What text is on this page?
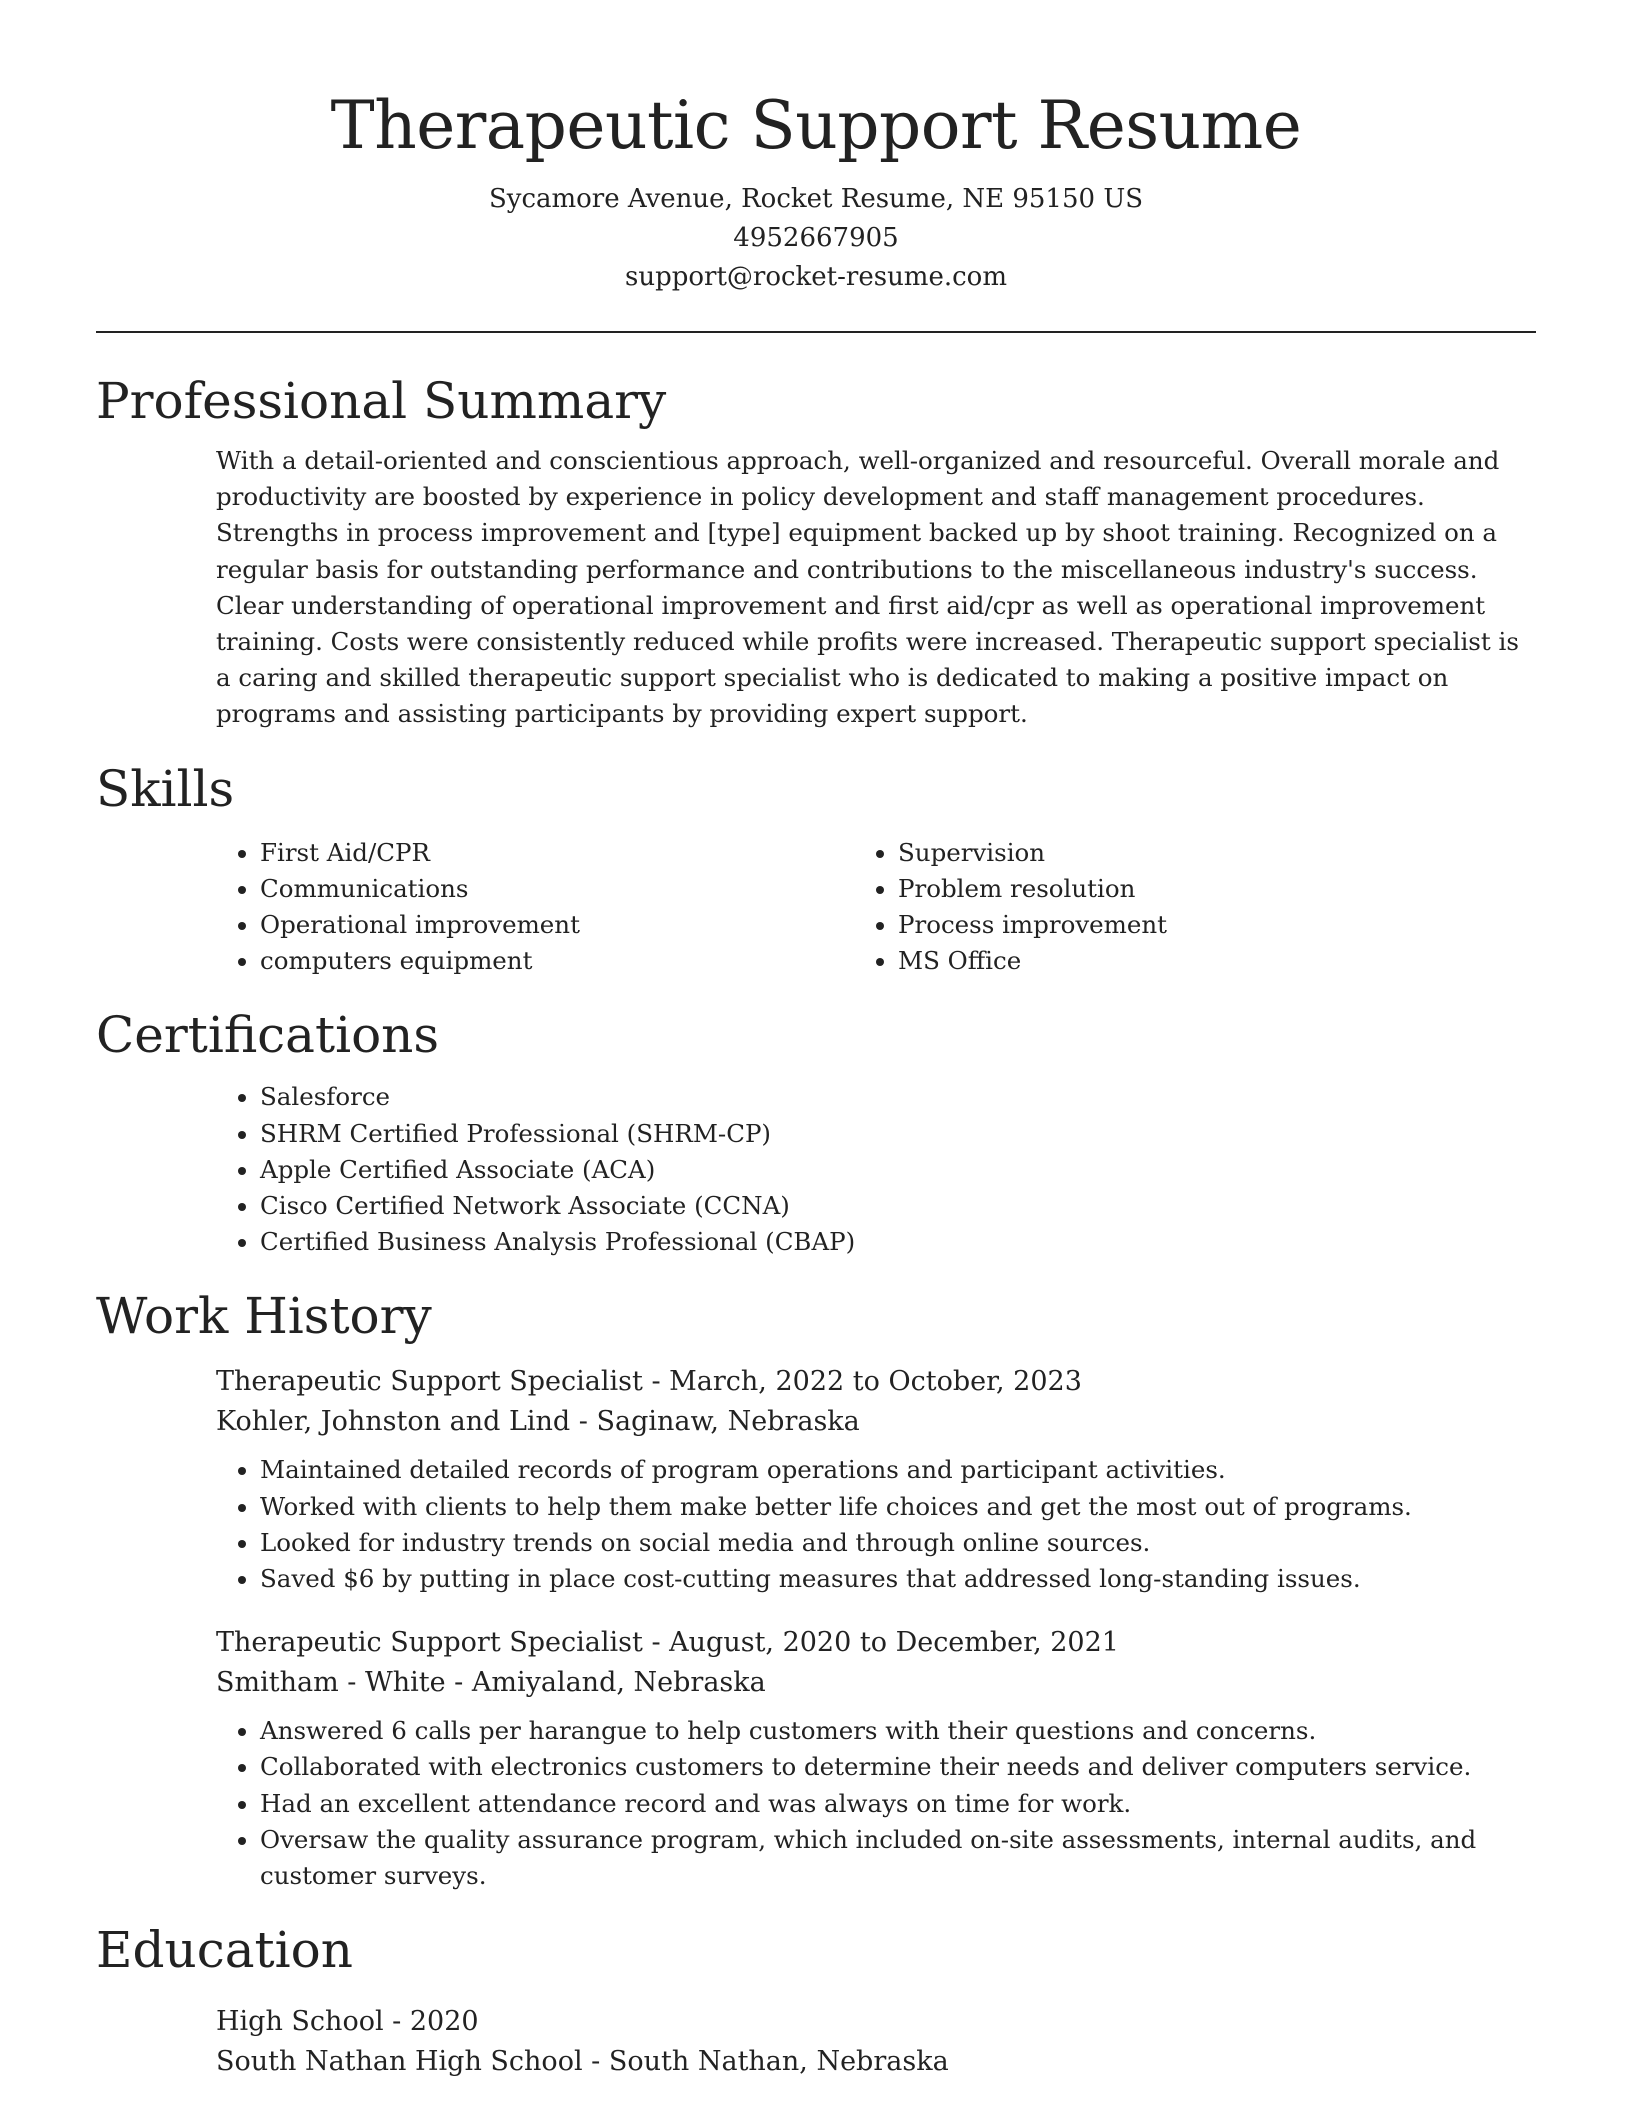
Therapeutic Support Resume

Sycamore Avenue, Rocket Resume, NE 95150 US

4952667905

support@rocket-resume.com

Professional Summary

With a detail-oriented and conscientious approach, well-organized and resourceful. Overall morale and productivity are boosted by experience in policy development and staff management procedures. Strengths in process improvement and [type] equipment backed up by shoot training. Recognized on a regular basis for outstanding performance and contributions to the miscellaneous industry's success. Clear understanding of operational improvement and first aid/cpr as well as operational improvement training. Costs were consistently reduced while profits were increased. Therapeutic support specialist is a caring and skilled therapeutic support specialist who is dedicated to making a positive impact on programs and assisting participants by providing expert support.

Skills
• First Aid/CPR
• Communications
• Operational improvement
• computers equipment
• Supervision
• Problem resolution
• Process improvement
• MS Office
Certifications
• Salesforce
• SHRM Certified Professional (SHRM-CP)
• Apple Certified Associate (ACA)
• Cisco Certified Network Associate (CCNA)
• Certified Business Analysis Professional (CBAP)
Work History

Therapeutic Support Specialist - March, 2022 to October, 2023

Kohler, Johnston and Lind - Saginaw, Nebraska

• Maintained detailed records of program operations and participant activities.
• Worked with clients to help them make better life choices and get the most out of programs.
• Looked for industry trends on social media and through online sources.
• Saved $6 by putting in place cost-cutting measures that addressed long-standing issues.

Therapeutic Support Specialist - August, 2020 to December, 2021

Smitham - White - Amiyaland, Nebraska

• Answered 6 calls per harangue to help customers with their questions and concerns.
• Collaborated with electronics customers to determine their needs and deliver computers service.
• Had an excellent attendance record and was always on time for work.
• Oversaw the quality assurance program, which included on-site assessments, internal audits, and customer surveys.
Education

High School - 2020

South Nathan High School - South Nathan, Nebraska
